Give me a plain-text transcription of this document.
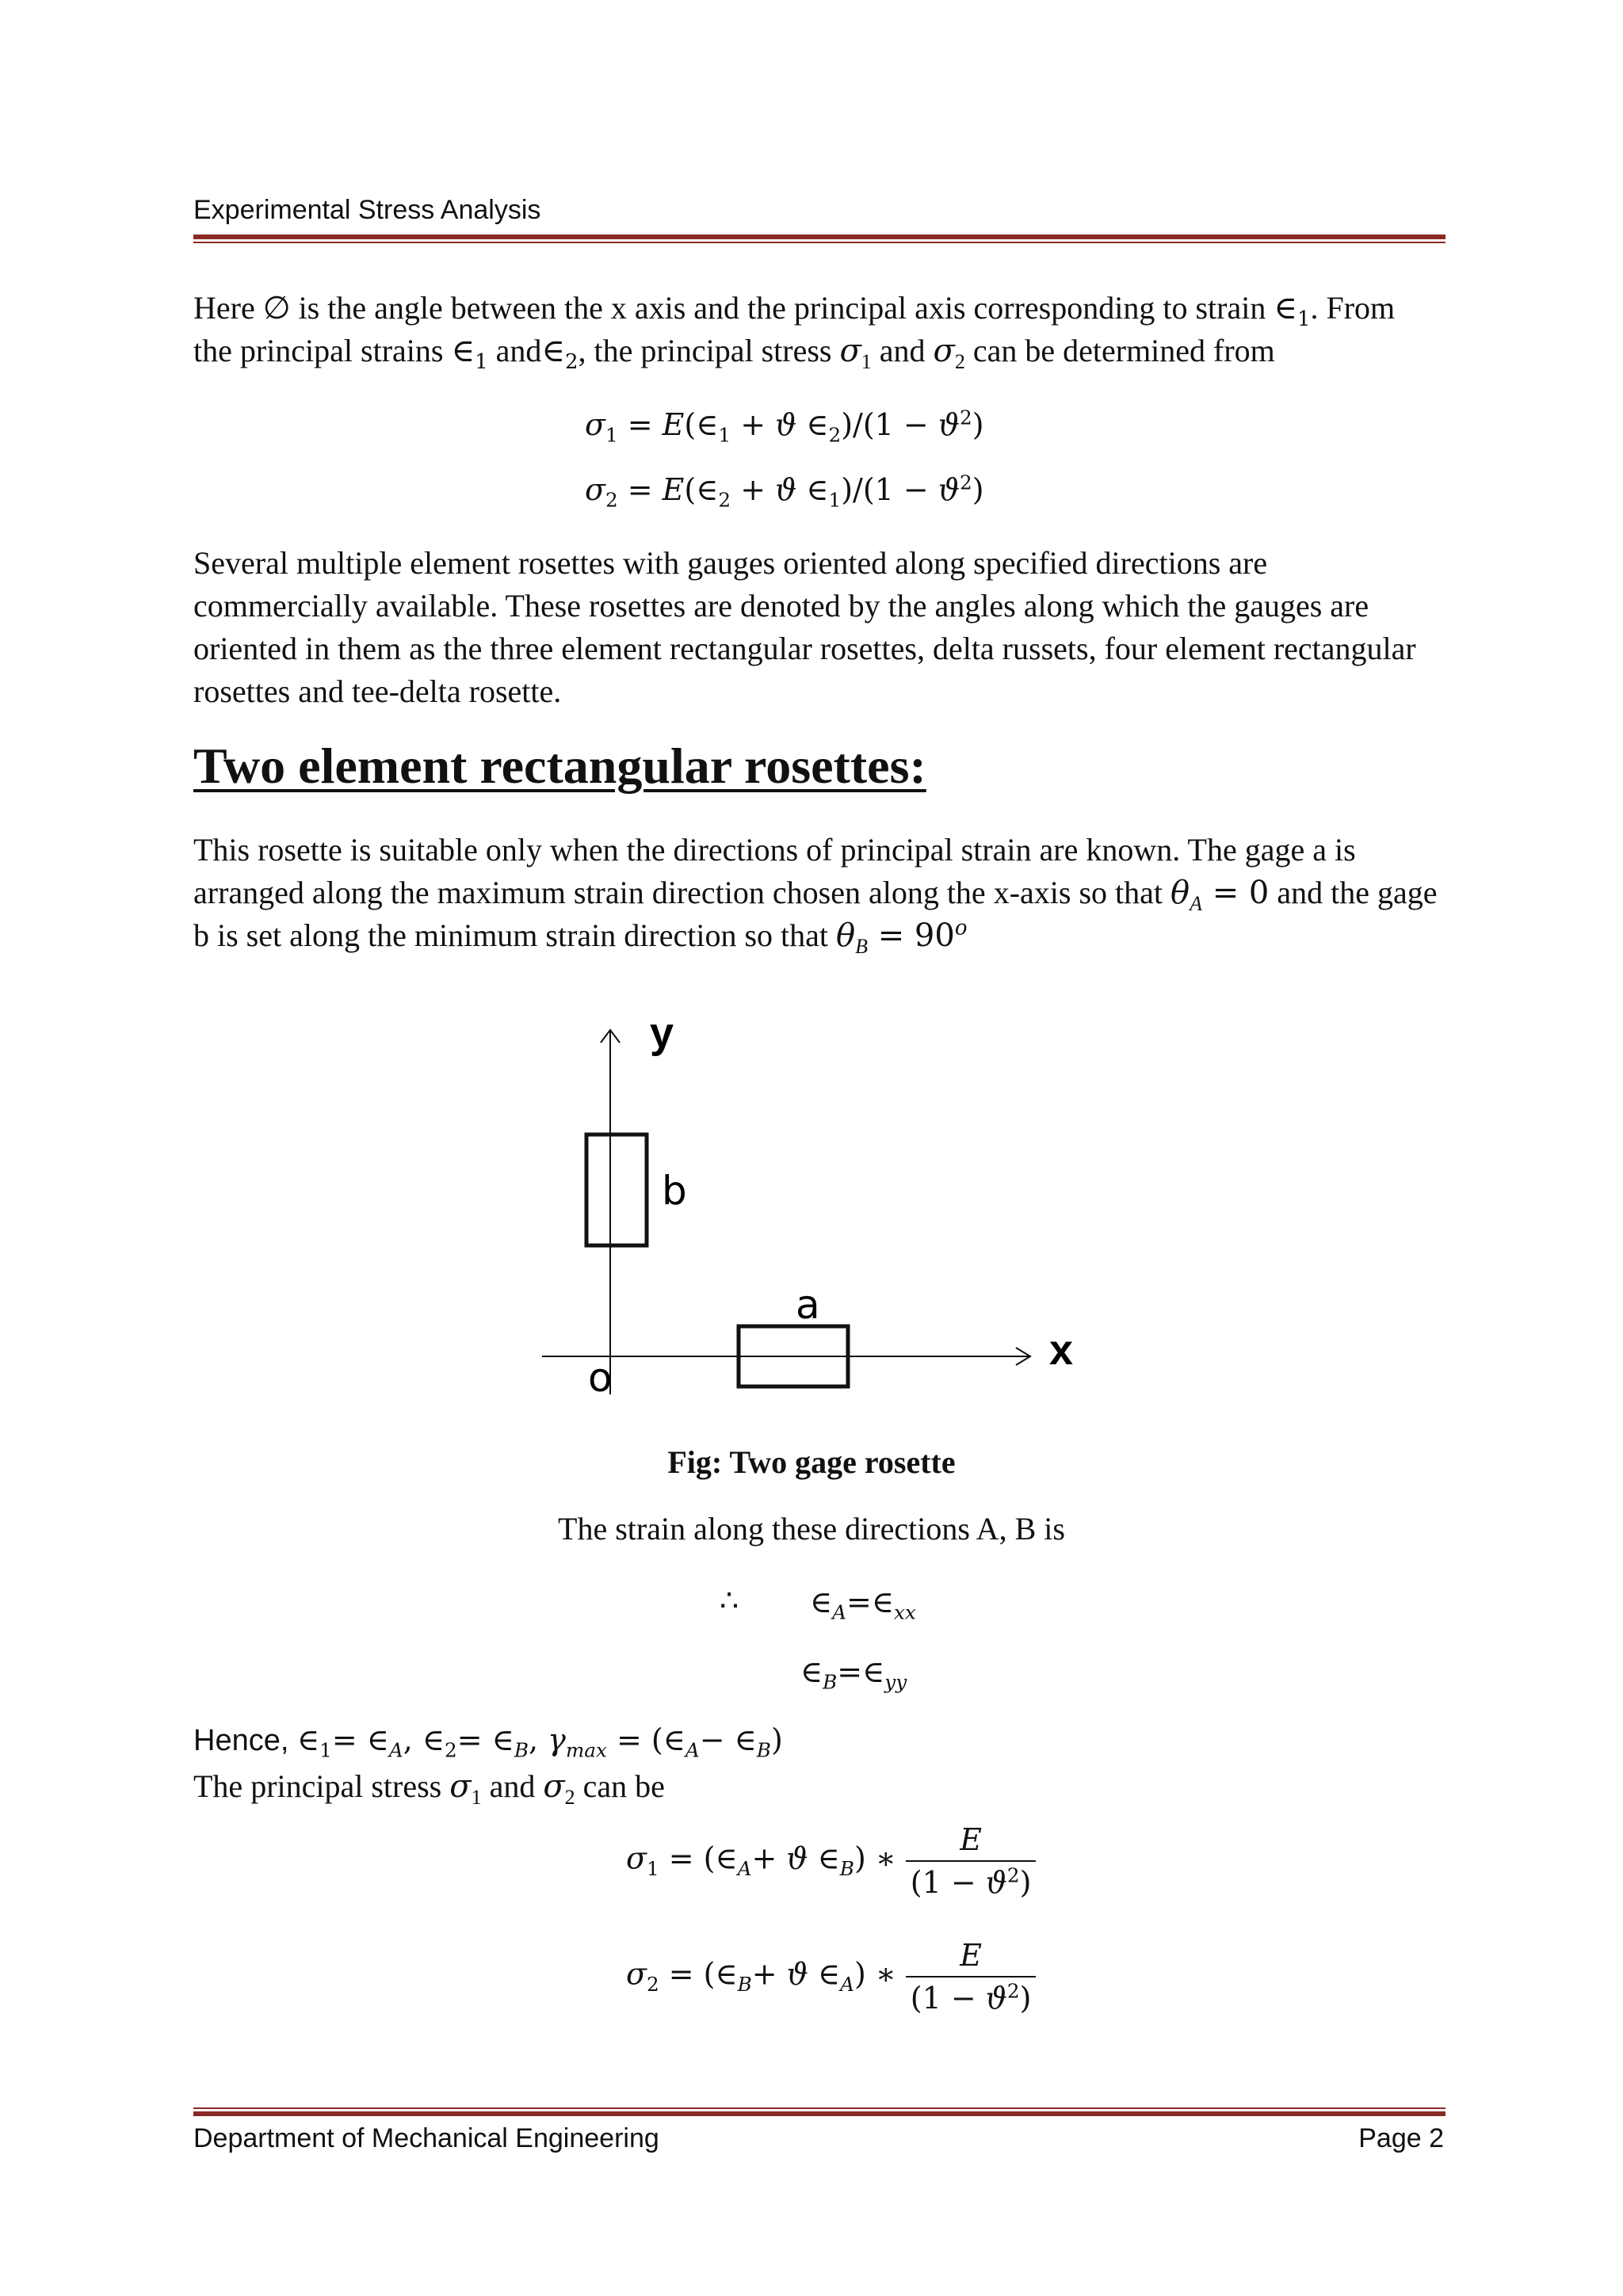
Experimental Stress Analysis
Here ∅ is the angle between the x axis and the principal axis corresponding to strain $\in_1$. From
the principal strains $\in_1$ $and\in_2$, the principal stress $\sigma_1$ and $\sigma_2$ can be determined from
$\sigma_1$ = $E(\in_1 + ϑ$ $\in_2)/(1 - ϑ^2)$
$\sigma_2$ = $E(\in_2 + ϑ$ $\in_1)/(1 - ϑ^2)$
Several multiple element rosettes with gauges oriented along specified directions are commercially available. These rosettes are denoted by the angles along which the gauges are oriented in them as the three element rectangular rosettes, delta russets, four element rectangular rosettes and tee-delta rosette.
Two element rectangular rosettes:
This rosette is suitable only when the directions of principal strain are known. The gage a is
arranged along the maximum strain direction chosen along the x-axis so that $\theta_A = 0$ and the gage
b is set along the minimum strain direction so that $\theta_B = 90^o$
y
x
b
a
o
Fig: Two gage rosette
The strain along these directions A, B is
∴ $\in_A=\in_{xx}$
$\in_B=\in_{yy}$
Hence, $\in_1=$ $\in_A$, $\in_2=$ $\in_B$, $\gamma_{max}$ = ($\in_A-$ $\in_B$)
The principal stress $\sigma_1$ and $\sigma_2$ can be
$\sigma_1$ = ($\in_A+ ϑ$ $\in_B$) ∗ $\frac{E}{(1 - ϑ^2)}$
$\sigma_2$ = ($\in_B+ ϑ$ $\in_A$) ∗ $\frac{E}{(1 - ϑ^2)}$
Department of Mechanical Engineering	Page 2
